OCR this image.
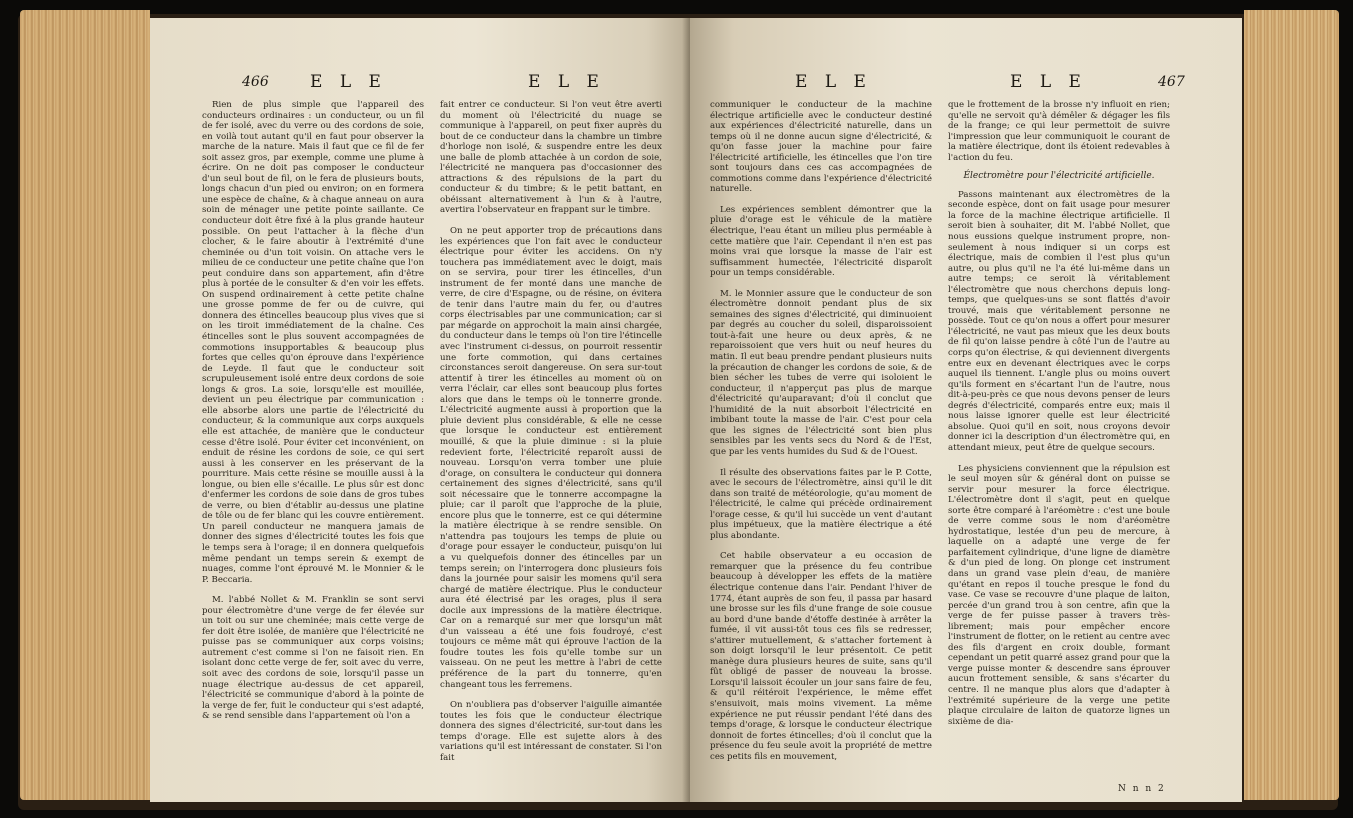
466 E L E	E L E

Rien de plus simple que l'appareil des conducteurs ordinaires : un conducteur, ou un fil de fer isolé, avec du verre ou des cordons de soie, en voilà tout autant qu'il en faut pour observer la marche de la nature. Mais il faut que ce fil de fer soit assez gros, par exemple, comme une plume à écrire. On ne doit pas composer le conducteur d'un seul bout de fil, on le fera de plusieurs bouts, longs chacun d'un pied ou environ; on en formera une espèce de chaîne, & à chaque anneau on aura soin de ménager une petite pointe saillante. Ce conducteur doit être fixé à la plus grande hauteur possible. On peut l'attacher à la flèche d'un clocher, & le faire aboutir à l'extrémité d'une cheminée ou d'un toit voisin. On attache vers le milieu de ce conducteur une petite chaîne que l'on peut conduire dans son appartement, afin d'être plus à portée de le consulter & d'en voir les effets. On suspend ordinairement à cette petite chaîne une grosse pomme de fer ou de cuivre, qui donnera des étincelles beaucoup plus vives que si on les tiroit immédiatement de la chaîne. Ces étincelles sont le plus souvent accompagnées de commotions insupportables & beaucoup plus fortes que celles qu'on éprouve dans l'expérience de Leyde. Il faut que le conducteur soit scrupuleusement isolé entre deux cordons de soie longs & gros. La soie, lorsqu'elle est mouillée, devient un peu électrique par communication : elle absorbe alors une partie de l'électricité du conducteur, & la communique aux corps auxquels elle est attachée, de manière que le conducteur cesse d'être isolé. Pour éviter cet inconvénient, on enduit de résine les cordons de soie, ce qui sert aussi à les conserver en les préservant de la pourriture. Mais cette résine se mouille aussi à la longue, ou bien elle s'écaille. Le plus sûr est donc d'enfermer les cordons de soie dans de gros tubes de verre, ou bien d'établir au-dessus une platine de tôle ou de fer blanc qui les couvre entièrement. Un pareil conducteur ne manquera jamais de donner des signes d'électricité toutes les fois que le temps sera à l'orage; il en donnera quelquefois même pendant un temps serein & exempt de nuages, comme l'ont éprouvé M. le Monnier & le P. Beccaria.

M. l'abbé Nollet & M. Franklin se sont servi pour électromètre d'une verge de fer élevée sur un toit ou sur une cheminée; mais cette verge de fer doit être isolée, de manière que l'électricité ne puisse pas se communiquer aux corps voisins; autrement c'est comme si l'on ne faisoit rien. En isolant donc cette verge de fer, soit avec du verre, soit avec des cordons de soie, lorsqu'il passe un nuage électrique au-dessus de cet appareil, l'électricité se communique d'abord à la pointe de la verge de fer, fuit le conducteur qui s'est adapté, & se rend sensible dans l'appartement où l'on a

fait entrer ce conducteur. Si l'on veut être averti du moment où l'électricité du nuage se communique à l'appareil, on peut fixer auprès du bout de ce conducteur dans la chambre un timbre d'horloge non isolé, & suspendre entre les deux une balle de plomb attachée à un cordon de soie, l'électricité ne manquera pas d'occasionner des attractions & des répulsions de la part du conducteur & du timbre; & le petit battant, en obéissant alternativement à l'un & à l'autre, avertira l'observateur en frappant sur le timbre.

On ne peut apporter trop de précautions dans les expériences que l'on fait avec le conducteur électrique pour éviter les accidens. On n'y touchera pas immédiatement avec le doigt, mais on se servira, pour tirer les étincelles, d'un instrument de fer monté dans une manche de verre, de cire d'Espagne, ou de résine, on évitera de tenir dans l'autre main du fer, ou d'autres corps électrisables par une communication; car si par mégarde on approchoit la main ainsi chargée, du conducteur dans le temps où l'on tire l'étincelle avec l'instrument ci-dessus, on pourroit ressentir une forte commotion, qui dans certaines circonstances seroit dangereuse. On sera sur-tout attentif à tirer les étincelles au moment où on verra l'éclair, car elles sont beaucoup plus fortes alors que dans le temps où le tonnerre gronde. L'électricité augmente aussi à proportion que la pluie devient plus considérable, & elle ne cesse que lorsque le conducteur est entièrement mouillé, & que la pluie diminue : si la pluie redevient forte, l'électricité reparoît aussi de nouveau. Lorsqu'on verra tomber une pluie d'orage, on consultera le conducteur qui donnera certainement des signes d'électricité, sans qu'il soit nécessaire que le tonnerre accompagne la pluie; car il paroît que l'approche de la pluie, encore plus que le tonnerre, est ce qui détermine la matière électrique à se rendre sensible. On n'attendra pas toujours les temps de pluie ou d'orage pour essayer le conducteur, puisqu'on lui a vu quelquefois donner des étincelles par un temps serein; on l'interrogera donc plusieurs fois dans la journée pour saisir les momens qu'il sera chargé de matière électrique. Plus le conducteur aura été électrisé par les orages, plus il sera docile aux impressions de la matière électrique. Car on a remarqué sur mer que lorsqu'un mât d'un vaisseau a été une fois foudroyé, c'est toujours ce même mât qui éprouve l'action de la foudre toutes les fois qu'elle tombe sur un vaisseau. On ne peut les mettre à l'abri de cette préférence de la part du tonnerre, qu'en changeant tous les ferremens.

On n'oubliera pas d'observer l'aiguille aimantée toutes les fois que le conducteur électrique donnera des signes d'électricité, sur-tout dans les temps d'orage. Elle est sujette alors à des variations qu'il est intéressant de constater. Si l'on fait

E L E	E L E	467

communiquer le conducteur de la machine électrique artificielle avec le conducteur destiné aux expériences d'électricité naturelle, dans un temps où il ne donne aucun signe d'électricité, & qu'on fasse jouer la machine pour faire l'électricité artificielle, les étincelles que l'on tire sont toujours dans ces cas accompagnées de commotions comme dans l'expérience d'électricité naturelle.

Les expériences semblent démontrer que la pluie d'orage est le véhicule de la matière électrique, l'eau étant un milieu plus perméable à cette matière que l'air. Cependant il n'en est pas moins vrai que lorsque la masse de l'air est suffisamment humectée, l'électricité disparoît pour un temps considérable.

M. le Monnier assure que le conducteur de son électromètre donnoit pendant plus de six semaines des signes d'électricité, qui diminuoient par degrés au coucher du soleil, disparoissoient tout-à-fait une heure ou deux après, & ne reparoissoient que vers huit ou neuf heures du matin. Il eut beau prendre pendant plusieurs nuits la précaution de changer les cordons de soie, & de bien sécher les tubes de verre qui isoloient le conducteur, il n'apperçut pas plus de marque d'électricité qu'auparavant; d'où il conclut que l'humidité de la nuit absorboit l'électricité en imbibant toute la masse de l'air. C'est pour cela que les signes de l'électricité sont bien plus sensibles par les vents secs du Nord & de l'Est, que par les vents humides du Sud & de l'Ouest.

Il résulte des observations faites par le P. Cotte, avec le secours de l'électromètre, ainsi qu'il le dit dans son traité de météorologie, qu'au moment de l'électricité, le calme qui précède ordinairement l'orage cesse, & qu'il lui succède un vent d'autant plus impétueux, que la matière électrique a été plus abondante.

Cet habile observateur a eu occasion de remarquer que la présence du feu contribue beaucoup à développer les effets de la matière électrique contenue dans l'air. Pendant l'hiver de 1774, étant auprès de son feu, il passa par hasard une brosse sur les fils d'une frange de soie cousue au bord d'une bande d'étoffe destinée à arrêter la fumée, il vit aussi-tôt tous ces fils se redresser, s'attirer mutuellement, & s'attacher fortement à son doigt lorsqu'il le leur présentoit. Ce petit manège dura plusieurs heures de suite, sans qu'il fût obligé de passer de nouveau la brosse. Lorsqu'il laissoit écouler un jour sans faire de feu, & qu'il réitéroit l'expérience, le même effet s'ensuivoit, mais moins vivement. La même expérience ne put réussir pendant l'été dans des temps d'orage, & lorsque le conducteur électrique donnoit de fortes étincelles; d'où il conclut que la présence du feu seule avoit la propriété de mettre ces petits fils en mouvement,

que le frottement de la brosse n'y influoit en rien; qu'elle ne servoit qu'à démêler & dégager les fils de la frange; ce qui leur permettoit de suivre l'impression que leur communiquoit le courant de la matière électrique, dont ils étoient redevables à l'action du feu.

Électromètre pour l'électricité artificielle.

Passons maintenant aux électromètres de la seconde espèce, dont on fait usage pour mesurer la force de la machine électrique artificielle. Il seroit bien à souhaiter, dit M. l'abbé Nollet, que nous eussions quelque instrument propre, non-seulement à nous indiquer si un corps est électrique, mais de combien il l'est plus qu'un autre, ou plus qu'il ne l'a été lui-même dans un autre temps; ce seroit là véritablement l'électromètre que nous cherchons depuis long-temps, que quelques-uns se sont flattés d'avoir trouvé, mais que véritablement personne ne possède. Tout ce qu'on nous a offert pour mesurer l'électricité, ne vaut pas mieux que les deux bouts de fil qu'on laisse pendre à côté l'un de l'autre au corps qu'on électrise, & qui deviennent divergents entre eux en devenant électriques avec le corps auquel ils tiennent. L'angle plus ou moins ouvert qu'ils forment en s'écartant l'un de l'autre, nous dit-à-peu-près ce que nous devons penser de leurs degrés d'électricité, comparés entre eux; mais il nous laisse ignorer quelle est leur électricité absolue. Quoi qu'il en soit, nous croyons devoir donner ici la description d'un électromètre qui, en attendant mieux, peut être de quelque secours.

Les physiciens conviennent que la répulsion est le seul moyen sûr & général dont on puisse se servir pour mesurer la force électrique. L'électromètre dont il s'agit, peut en quelque sorte être comparé à l'aréomètre : c'est une boule de verre comme sous le nom d'aréomètre hydrostatique, lestée d'un peu de mercure, à laquelle on a adapté une verge de fer parfaitement cylindrique, d'une ligne de diamètre & d'un pied de long. On plonge cet instrument dans un grand vase plein d'eau, de manière qu'étant en repos il touche presque le fond du vase. Ce vase se recouvre d'une plaque de laiton, percée d'un grand trou à son centre, afin que la verge de fer puisse passer à travers très-librement; mais pour empêcher encore l'instrument de flotter, on le retient au centre avec des fils d'argent en croix double, formant cependant un petit quarré assez grand pour que la verge puisse monter & descendre sans éprouver aucun frottement sensible, & sans s'écarter du centre. Il ne manque plus alors que d'adapter à l'extrémité supérieure de la verge une petite plaque circulaire de laiton de quatorze lignes un sixième de dia-

N n n 2
